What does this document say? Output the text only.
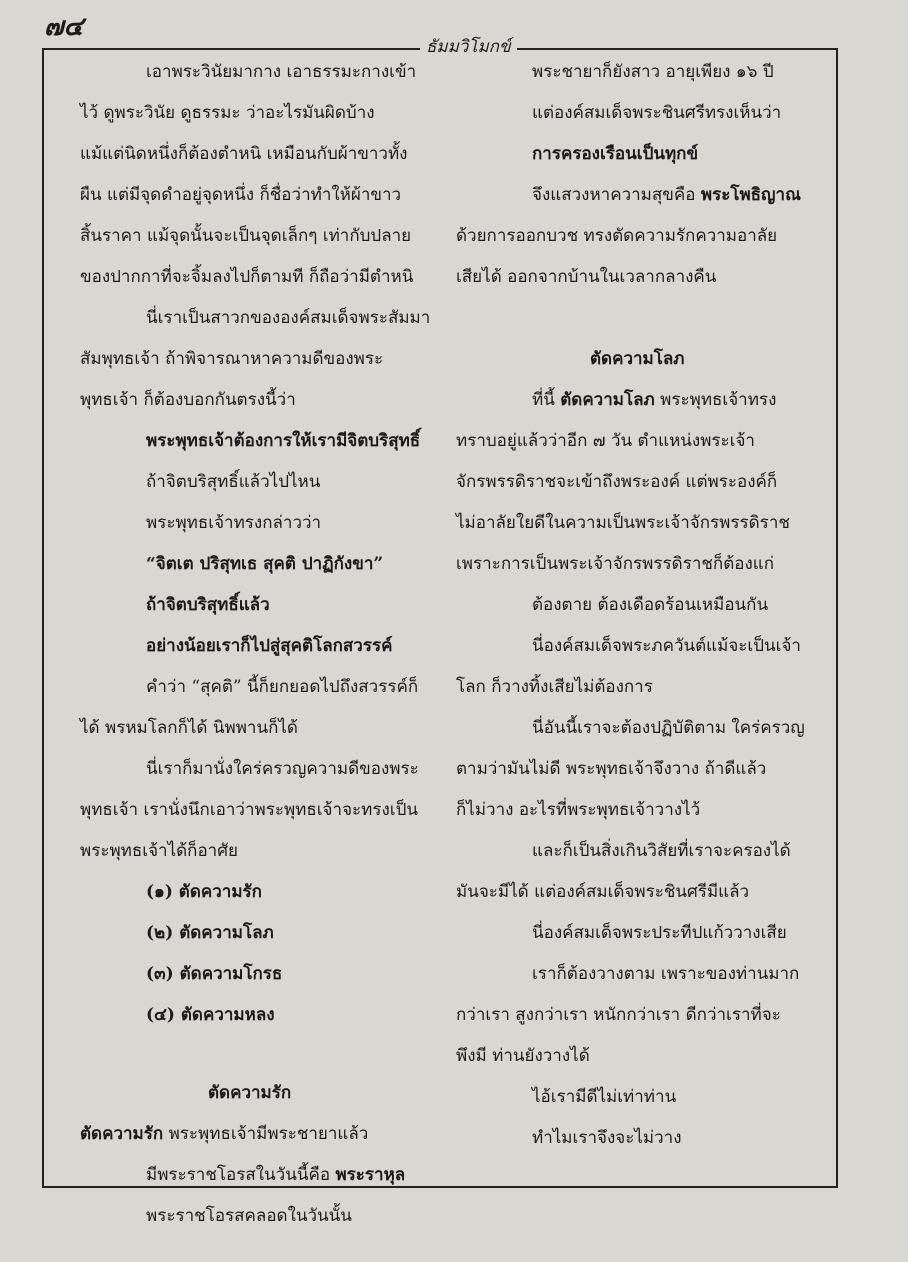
๗๔
ธัมมวิโมกข์
เอาพระวินัยมากาง เอาธรรมะกางเข้า
ไว้ ดูพระวินัย ดูธรรมะ ว่าอะไรมันผิดบ้าง
แม้แต่นิดหนึ่งก็ต้องตำหนิ เหมือนกับผ้าขาวทั้ง
ผืน แต่มีจุดดำอยู่จุดหนึ่ง ก็ชื่อว่าทำให้ผ้าขาว
สิ้นราคา แม้จุดนั้นจะเป็นจุดเล็กๆ เท่ากับปลาย
ของปากกาที่จะจิ้มลงไปก็ตามที ก็ถือว่ามีตำหนิ
นี่เราเป็นสาวกขององค์สมเด็จพระสัมมา
สัมพุทธเจ้า ถ้าพิจารณาหาความดีของพระ
พุทธเจ้า ก็ต้องบอกกันตรงนี้ว่า
พระพุทธเจ้าต้องการให้เรามีจิตบริสุทธิ์
ถ้าจิตบริสุทธิ์แล้วไปไหน
พระพุทธเจ้าทรงกล่าวว่า
“จิตเต ปริสุทเธ สุคติ ปาฏิกังขา”
ถ้าจิตบริสุทธิ์แล้ว
อย่างน้อยเราก็ไปสู่สุคติโลกสวรรค์
คำว่า “สุคติ” นี้ก็ยกยอดไปถึงสวรรค์ก็
ได้ พรหมโลกก็ได้ นิพพานก็ได้
นี่เราก็มานั่งใคร่ครวญความดีของพระ
พุทธเจ้า เรานั่งนึกเอาว่าพระพุทธเจ้าจะทรงเป็น
พระพุทธเจ้าได้ก็อาศัย
(๑) ตัดความรัก
(๒) ตัดความโลภ
(๓) ตัดความโกรธ
(๔) ตัดความหลง
ตัดความรัก
ตัดความรัก พระพุทธเจ้ามีพระชายาแล้ว
มีพระราชโอรสในวันนี้คือ พระราหุล
พระราชโอรสคลอดในวันนั้น
พระชายาก็ยังสาว อายุเพียง ๑๖ ปี
แต่องค์สมเด็จพระชินศรีทรงเห็นว่า
การครองเรือนเป็นทุกข์
จึงแสวงหาความสุขคือ พระโพธิญาณ
ด้วยการออกบวช ทรงตัดความรักความอาลัย
เสียได้ ออกจากบ้านในเวลากลางคืน
ตัดความโลภ
ที่นี้ ตัดความโลภ พระพุทธเจ้าทรง
ทราบอยู่แล้วว่าอีก ๗ วัน ตำแหน่งพระเจ้า
จักรพรรดิราชจะเข้าถึงพระองค์ แต่พระองค์ก็
ไม่อาลัยใยดีในความเป็นพระเจ้าจักรพรรดิราช
เพราะการเป็นพระเจ้าจักรพรรดิราชก็ต้องแก่
ต้องตาย ต้องเดือดร้อนเหมือนกัน
นี่องค์สมเด็จพระภควันต์แม้จะเป็นเจ้า
โลก ก็วางทิ้งเสียไม่ต้องการ
นี่อันนี้เราจะต้องปฏิบัติตาม ใคร่ครวญ
ตามว่ามันไม่ดี พระพุทธเจ้าจึงวาง ถ้าดีแล้ว
ก็ไม่วาง อะไรที่พระพุทธเจ้าวางไว้
และก็เป็นสิ่งเกินวิสัยที่เราจะครองได้
มันจะมีได้ แต่องค์สมเด็จพระชินศรีมีแล้ว
นี่องค์สมเด็จพระประทีปแก้ววางเสีย
เราก็ต้องวางตาม เพราะของท่านมาก
กว่าเรา สูงกว่าเรา หนักกว่าเรา ดีกว่าเราที่จะ
พึงมี ท่านยังวางได้
ไอ้เรามีดีไม่เท่าท่าน
ทำไมเราจึงจะไม่วาง
